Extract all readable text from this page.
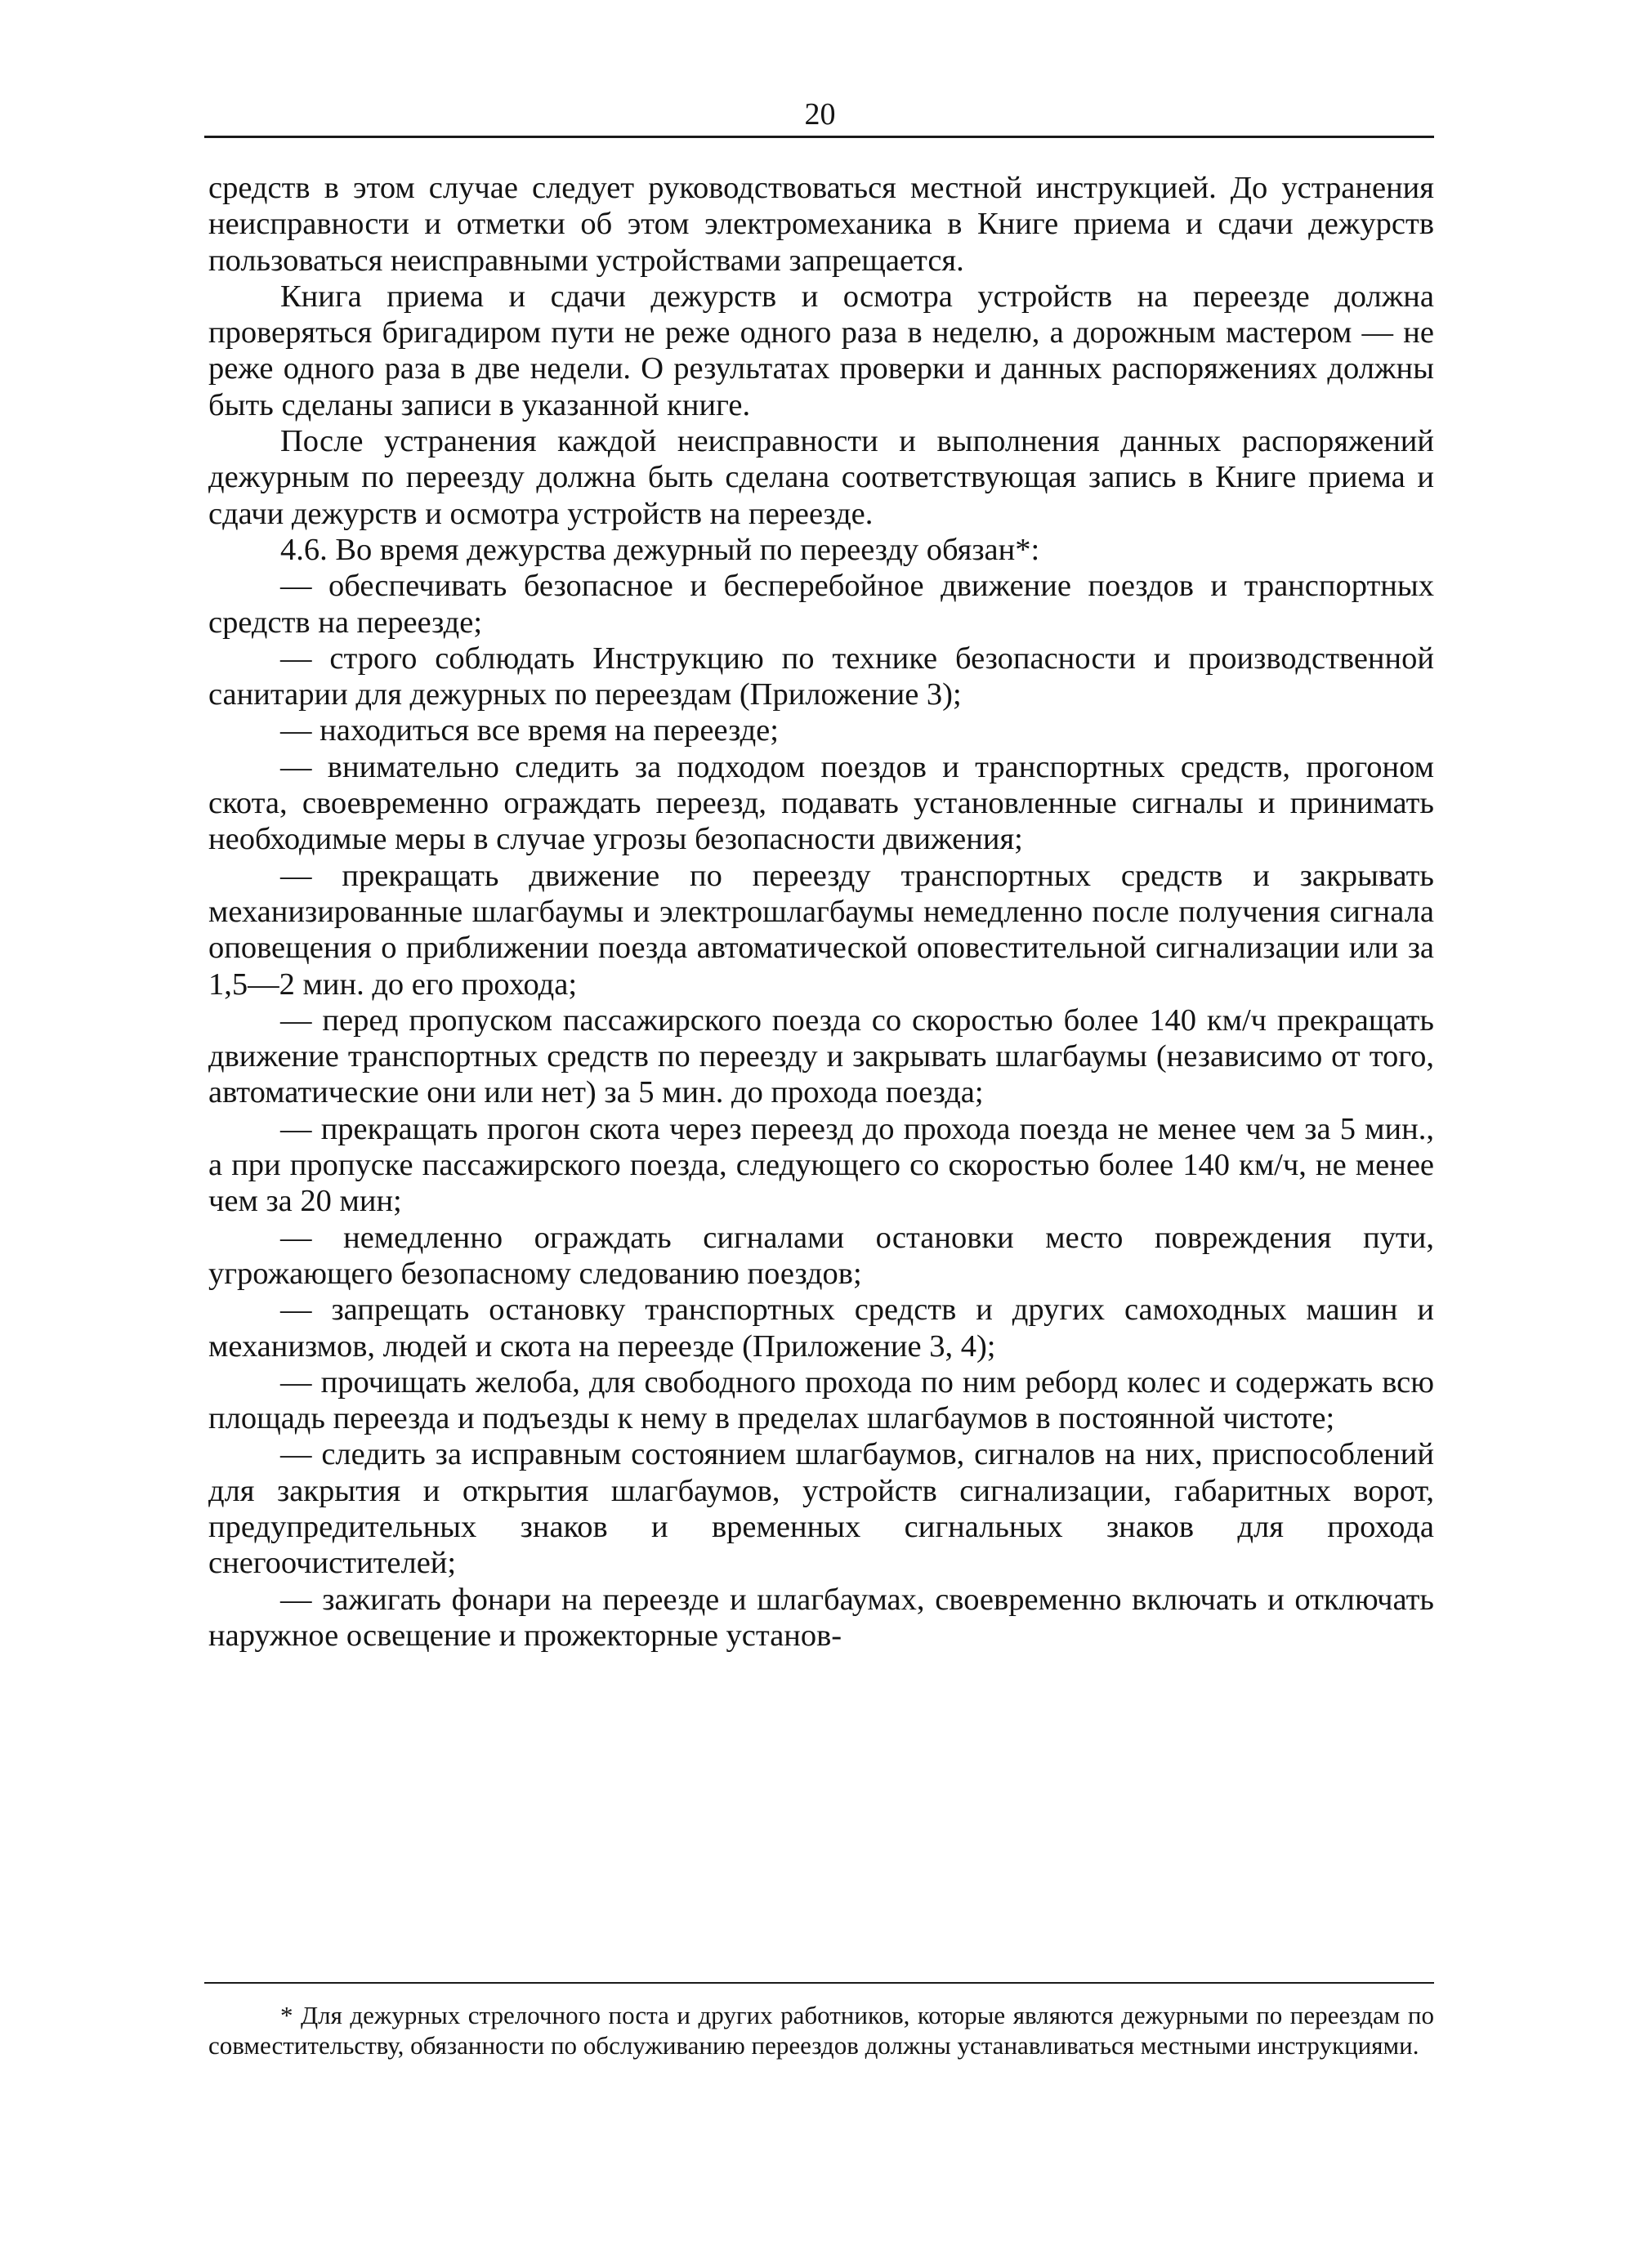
20

средств в этом случае следует руководствоваться местной инструкцией. До устранения неисправности и отметки об этом электромеханика в Книге приема и сдачи дежурств пользоваться неисправными устройствами запрещается.

Книга приема и сдачи дежурств и осмотра устройств на переезде должна проверяться бригадиром пути не реже одного раза в неделю, а дорожным мастером — не реже одного раза в две недели. О результатах проверки и данных распоряжениях должны быть сделаны записи в указанной книге.

После устранения каждой неисправности и выполнения данных распоряжений дежурным по переезду должна быть сделана соответствующая запись в Книге приема и сдачи дежурств и осмотра устройств на переезде.

4.6. Во время дежурства дежурный по переезду обязан*:

— обеспечивать безопасное и бесперебойное движение поездов и транспортных средств на переезде;

— строго соблюдать Инструкцию по технике безопасности и производственной санитарии для дежурных по переездам (Приложение 3);

— находиться все время на переезде;

— внимательно следить за подходом поездов и транспортных средств, прогоном скота, своевременно ограждать переезд, подавать установленные сигналы и принимать необходимые меры в случае угрозы безопасности движения;

— прекращать движение по переезду транспортных средств и закрывать механизированные шлагбаумы и электрошлагбаумы немедленно после получения сигнала оповещения о приближении поезда автоматической оповестительной сигнализации или за 1,5—2 мин. до его прохода;

— перед пропуском пассажирского поезда со скоростью более 140 км/ч прекращать движение транспортных средств по переезду и закрывать шлагбаумы (независимо от того, автоматические они или нет) за 5 мин. до прохода поезда;

— прекращать прогон скота через переезд до прохода поезда не менее чем за 5 мин., а при пропуске пассажирского поезда, следующего со скоростью более 140 км/ч, не менее чем за 20 мин;

— немедленно ограждать сигналами остановки место повреждения пути, угрожающего безопасному следованию поездов;

— запрещать остановку транспортных средств и других самоходных машин и механизмов, людей и скота на переезде (Приложение 3, 4);

— прочищать желоба, для свободного прохода по ним реборд колес и содержать всю площадь переезда и подъезды к нему в пределах шлагбаумов в постоянной чистоте;

— следить за исправным состоянием шлагбаумов, сигналов на них, приспособлений для закрытия и открытия шлагбаумов, устройств сигнализации, габаритных ворот, предупредительных знаков и временных сигнальных знаков для прохода снегоочистителей;

— зажигать фонари на переезде и шлагбаумах, своевременно включать и отключать наружное освещение и прожекторные установ-

* Для дежурных стрелочного поста и других работников, которые являются дежурными по переездам по совместительству, обязанности по обслуживанию переездов должны устанавливаться местными инструкциями.
